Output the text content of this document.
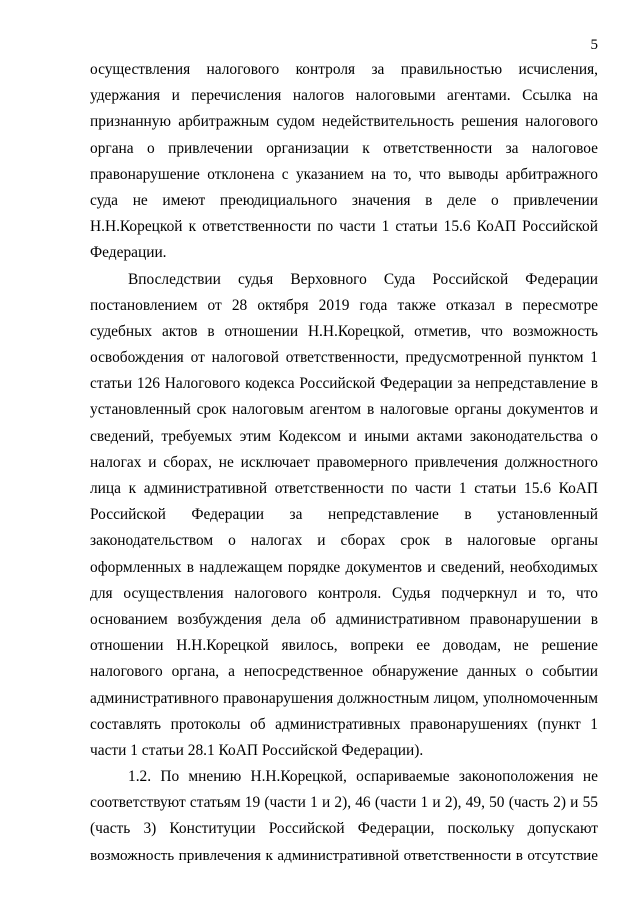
5
осуществления налогового контроля за правильностью исчисления,
удержания и перечисления налогов налоговыми агентами. Ссылка на
признанную арбитражным судом недействительность решения налогового
органа о привлечении организации к ответственности за налоговое
правонарушение отклонена с указанием на то, что выводы арбитражного
суда не имеют преюдициального значения в деле о привлечении
Н.Н.Корецкой к ответственности по части 1 статьи 15.6 КоАП Российской
Федерации.
Впоследствии судья Верховного Суда Российской Федерации
постановлением от 28 октября 2019 года также отказал в пересмотре
судебных актов в отношении Н.Н.Корецкой, отметив, что возможность
освобождения от налоговой ответственности, предусмотренной пунктом 1
статьи 126 Налогового кодекса Российской Федерации за непредставление в
установленный срок налоговым агентом в налоговые органы документов и
сведений, требуемых этим Кодексом и иными актами законодательства о
налогах и сборах, не исключает правомерного привлечения должностного
лица к административной ответственности по части 1 статьи 15.6 КоАП
Российской Федерации за непредставление в установленный
законодательством о налогах и сборах срок в налоговые органы
оформленных в надлежащем порядке документов и сведений, необходимых
для осуществления налогового контроля. Судья подчеркнул и то, что
основанием возбуждения дела об административном правонарушении в
отношении Н.Н.Корецкой явилось, вопреки ее доводам, не решение
налогового органа, а непосредственное обнаружение данных о событии
административного правонарушения должностным лицом, уполномоченным
составлять протоколы об административных правонарушениях (пункт 1
части 1 статьи 28.1 КоАП Российской Федерации).
1.2. По мнению Н.Н.Корецкой, оспариваемые законоположения не
соответствуют статьям 19 (части 1 и 2), 46 (части 1 и 2), 49, 50 (часть 2) и 55
(часть 3) Конституции Российской Федерации, поскольку допускают
возможность привлечения к административной ответственности в отсутствие
